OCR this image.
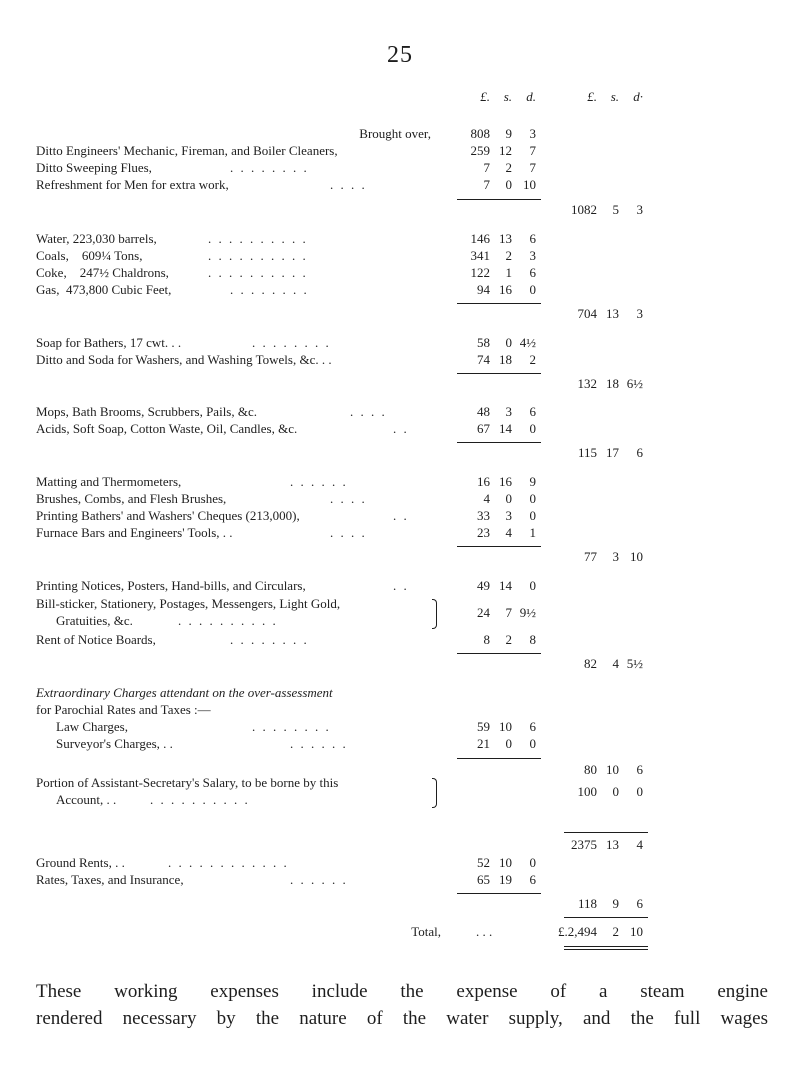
25
£.	s.	d.	£.	s.	d·
Brought over,	808	9	3
Ditto Engineers' Mechanic, Fireman, and Boiler Cleaners,	259 12	7
Ditto Sweeping Flues,	. . . . . . . .	7	2	7
Refreshment for Men for extra work,	. . . .	7	0 10
1082	5	3
Water, 223,030 barrels,	. . . . . . . . . .	146 13	6
Coals,    609¼ Tons,	. . . . . . . . . .	341	2	3
Coke,    247½ Chaldrons,	. . . . . . . . . .	122	1	6
Gas,  473,800 Cubic Feet,	. . . . . . . .	94 16	0
704 13	3
Soap for Bathers, 17 cwt. . .	. . . . . . . .	58	0 4½
Ditto and Soda for Washers, and Washing Towels, &c. . .	74 18	2
132 18 6½
Mops, Bath Brooms, Scrubbers, Pails, &c.	. . . .	48	3	6
Acids, Soft Soap, Cotton Waste, Oil, Candles, &c.	. .	67 14	0
115 17	6
Matting and Thermometers,	. . . . . .	16 16	9
Brushes, Combs, and Flesh Brushes,	. . . .	4	0	0
Printing Bathers' and Washers' Cheques (213,000),	. .	33	3	0
Furnace Bars and Engineers' Tools, . .	. . . .	23	4	1
77	3 10
Printing Notices, Posters, Hand-bills, and Circulars,	. .	49 14	0
Bill-sticker, Stationery, Postages, Messengers, Light Gold,
Gratuities, &c.	. . . . . . . . . .
24	7 9½
Rent of Notice Boards,	. . . . . . . .	8	2	8
82	4 5½
Extraordinary Charges attendant on the over-assessment
for Parochial Rates and Taxes :—
Law Charges,	. . . . . . . .	59 10	6
Surveyor's Charges, . .	. . . . . .	21	0	0
80 10	6
Portion of Assistant-Secretary's Salary, to be borne by this
Account, . .	. . . . . . . . . .
100	0	0
2375 13	4
Ground Rents, . .	. . . . . . . . . . . .	52 10	0
Rates, Taxes, and Insurance,	. . . . . .	65 19	6
118	9	6
Total,	. . .	£.2,494	2 10
These working expenses include the expense of a steam engine
rendered necessary by the nature of the water supply, and the full wages
